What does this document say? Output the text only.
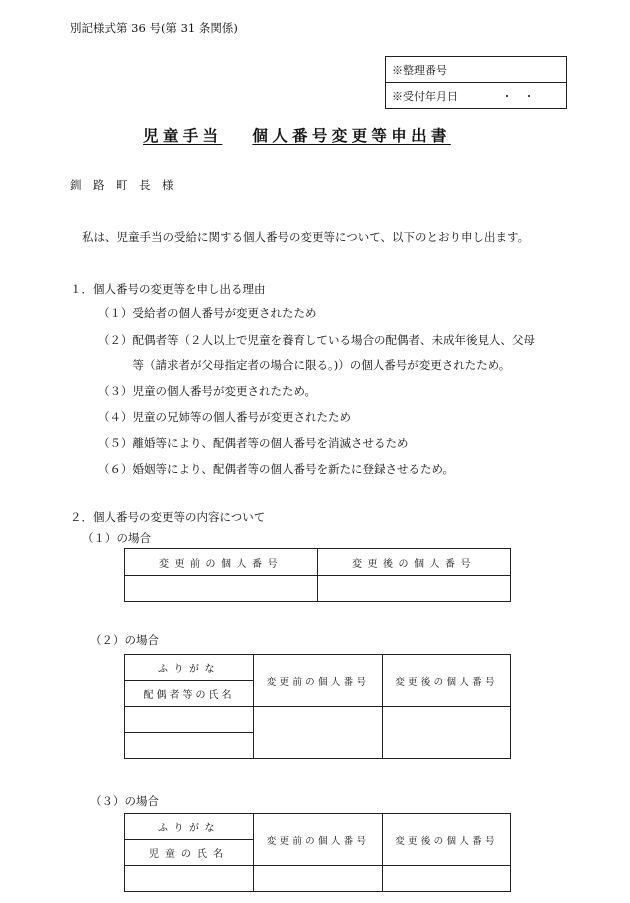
別記様式第 36 号(第 31 条関係)
※整理番号
※受付年月日	・　・
児童手当 個人番号変更等申出書
釧　路　町　長　様
私は、児童手当の受給に関する個人番号の変更等について、以下のとおり申し出ます。
１．個人番号の変更等を申し出る理由
（１）受給者の個人番号が変更されたため
（２）配偶者等（２人以上で児童を養育している場合の配偶者、未成年後見人、父母
　　　等（請求者が父母指定者の場合に限る。)）の個人番号が変更されたため。
（３）児童の個人番号が変更されたため。
（４）児童の兄姉等の個人番号が変更されたため
（５）離婚等により、配偶者等の個人番号を消滅させるため
（６）婚姻等により、配偶者等の個人番号を新たに登録させるため。
２．個人番号の変更等の内容について
（１）の場合
変更前の個人番号	変更後の個人番号

（２）の場合
ふりがな	変更前の個人番号	変更後の個人番号
配偶者等の氏名		

（３）の場合
ふりがな	変更前の個人番号	変更後の個人番号
児童の氏名		
